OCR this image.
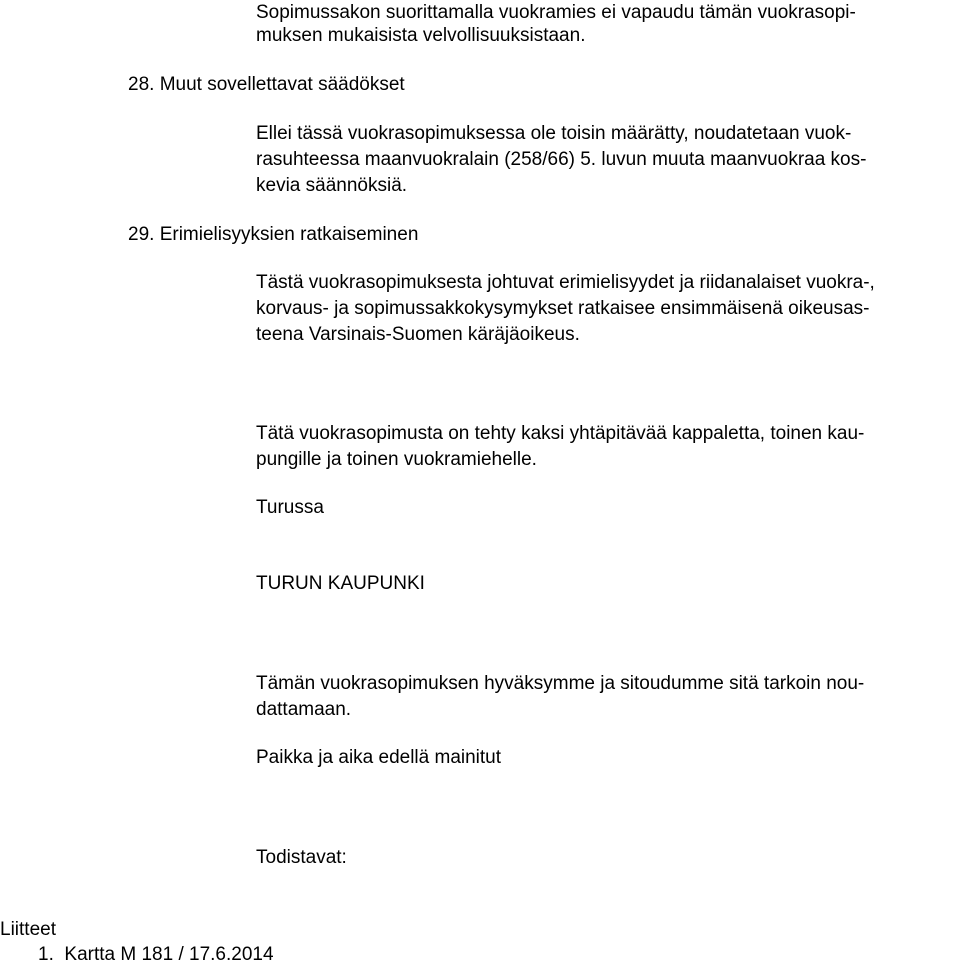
Sopimussakon suorittamalla vuokramies ei vapaudu tämän vuokrasopi-
muksen mukaisista velvollisuuksistaan.
28. Muut sovellettavat säädökset
Ellei tässä vuokrasopimuksessa ole toisin määrätty, noudatetaan vuok-
rasuhteessa maanvuokralain (258/66) 5. luvun muuta maanvuokraa kos-
kevia säännöksiä.
29. Erimielisyyksien ratkaiseminen
Tästä vuokrasopimuksesta johtuvat erimielisyydet ja riidanalaiset vuokra-,
korvaus- ja sopimussakkokysymykset ratkaisee ensimmäisenä oikeusas-
teena Varsinais-Suomen käräjäoikeus.
Tätä vuokrasopimusta on tehty kaksi yhtäpitävää kappaletta, toinen kau-
pungille ja toinen vuokramiehelle.
Turussa
TURUN KAUPUNKI
Tämän vuokrasopimuksen hyväksymme ja sitoudumme sitä tarkoin nou-
dattamaan.
Paikka ja aika edellä mainitut
Todistavat:
Liitteet
1.  Kartta M 181 / 17.6.2014
